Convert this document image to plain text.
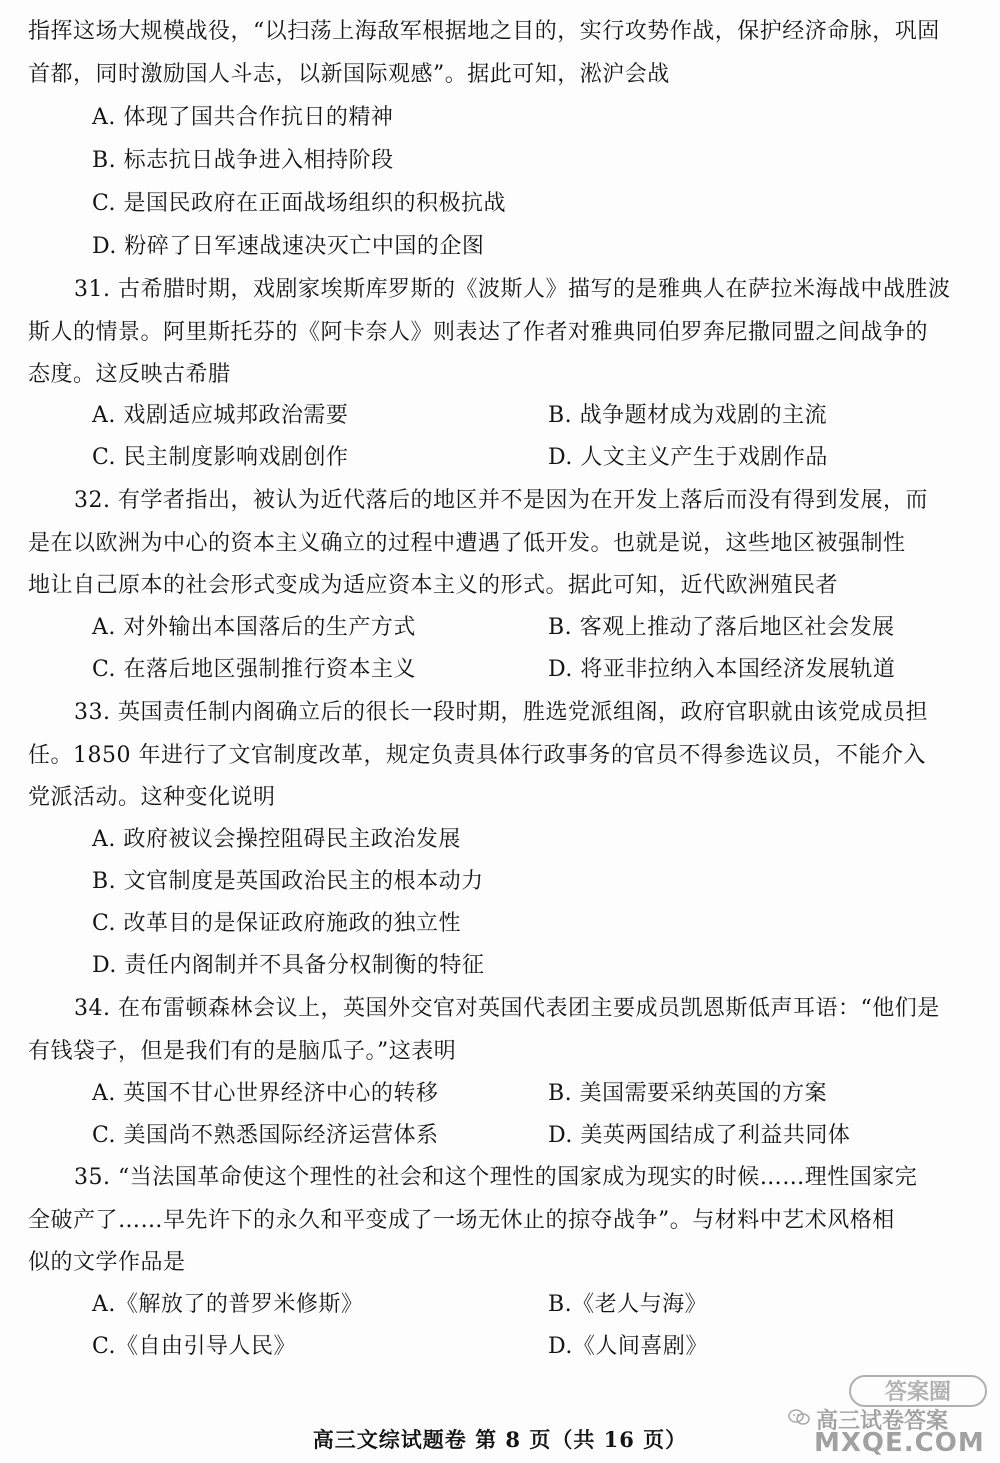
指挥这场大规模战役，“以扫荡上海敌军根据地之目的，实行攻势作战，保护经济命脉，巩固
首都，同时激励国人斗志，以新国际观感”。据此可知，淞沪会战
A. 体现了国共合作抗日的精神
B. 标志抗日战争进入相持阶段
C. 是国民政府在正面战场组织的积极抗战
D. 粉碎了日军速战速决灭亡中国的企图
31. 古希腊时期，戏剧家埃斯库罗斯的《波斯人》描写的是雅典人在萨拉米海战中战胜波
斯人的情景。阿里斯托芬的《阿卡奈人》则表达了作者对雅典同伯罗奔尼撒同盟之间战争的
态度。这反映古希腊
A. 戏剧适应城邦政治需要	B. 战争题材成为戏剧的主流
C. 民主制度影响戏剧创作	D. 人文主义产生于戏剧作品
32. 有学者指出，被认为近代落后的地区并不是因为在开发上落后而没有得到发展，而
是在以欧洲为中心的资本主义确立的过程中遭遇了低开发。也就是说，这些地区被强制性
地让自己原本的社会形式变成为适应资本主义的形式。据此可知，近代欧洲殖民者
A. 对外输出本国落后的生产方式	B. 客观上推动了落后地区社会发展
C. 在落后地区强制推行资本主义	D. 将亚非拉纳入本国经济发展轨道
33. 英国责任制内阁确立后的很长一段时期，胜选党派组阁，政府官职就由该党成员担
任。1850 年进行了文官制度改革，规定负责具体行政事务的官员不得参选议员，不能介入
党派活动。这种变化说明
A. 政府被议会操控阻碍民主政治发展
B. 文官制度是英国政治民主的根本动力
C. 改革目的是保证政府施政的独立性
D. 责任内阁制并不具备分权制衡的特征
34. 在布雷顿森林会议上，英国外交官对英国代表团主要成员凯恩斯低声耳语：“他们是
有钱袋子，但是我们有的是脑瓜子。”这表明
A. 英国不甘心世界经济中心的转移	B. 美国需要采纳英国的方案
C. 美国尚不熟悉国际经济运营体系	D. 美英两国结成了利益共同体
35. “当法国革命使这个理性的社会和这个理性的国家成为现实的时候……理性国家完
全破产了……早先许下的永久和平变成了一场无休止的掠夺战争”。与材料中艺术风格相
似的文学作品是
A.《解放了的普罗米修斯》	B.《老人与海》
C.《自由引导人民》	D.《人间喜剧》
高三文综试题卷 第 8 页（共 16 页）
答案圈
高三试卷答案
MXQE.COM
